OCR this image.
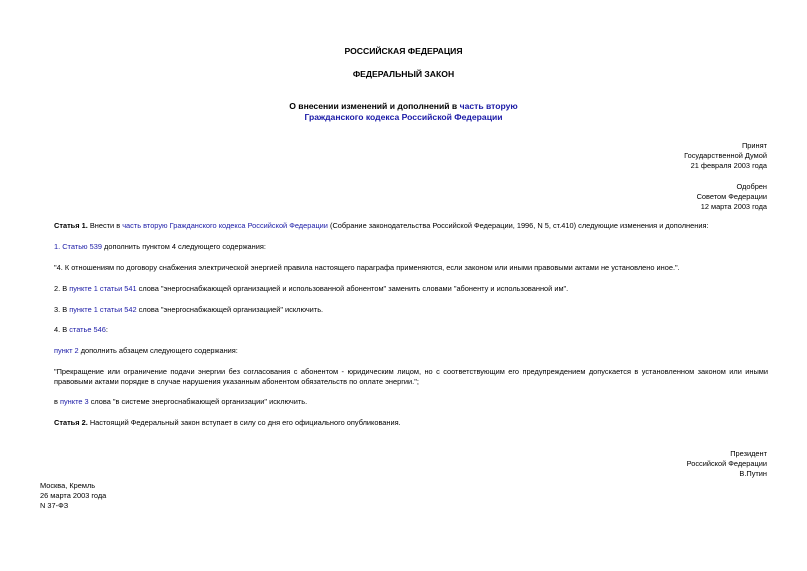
РОССИЙСКАЯ ФЕДЕРАЦИЯ
ФЕДЕРАЛЬНЫЙ ЗАКОН
О внесении изменений и дополнений в часть вторую
Гражданского кодекса Российской Федерации
Принят
Государственной Думой
21 февраля 2003 года
Одобрен
Советом Федерации
12 марта 2003 года
Статья 1. Внести в часть вторую Гражданского кодекса Российской Федерации (Собрание законодательства Российской Федерации, 1996, N 5, ст.410) следующие изменения и дополнения:
1. Статью 539 дополнить пунктом 4 следующего содержания:
"4. К отношениям по договору снабжения электрической энергией правила настоящего параграфа применяются, если законом или иными правовыми актами не установлено иное.".
2. В пункте 1 статьи 541 слова "энергоснабжающей организацией и использованной абонентом" заменить словами "абоненту и использованной им".
3. В пункте 1 статьи 542 слова "энергоснабжающей организацией" исключить.
4. В статье 546:
пункт 2 дополнить абзацем следующего содержания:
"Прекращение или ограничение подачи энергии без согласования с абонентом - юридическим лицом, но с соответствующим его предупреждением допускается в установленном законом или иными правовыми актами порядке в случае нарушения указанным абонентом обязательств по оплате энергии.";
в пункте 3 слова "в системе энергоснабжающей организации" исключить.
Статья 2. Настоящий Федеральный закон вступает в силу со дня его официального опубликования.
Президент
Российской Федерации
В.Путин
Москва, Кремль
26 марта 2003 года
N 37-ФЗ
